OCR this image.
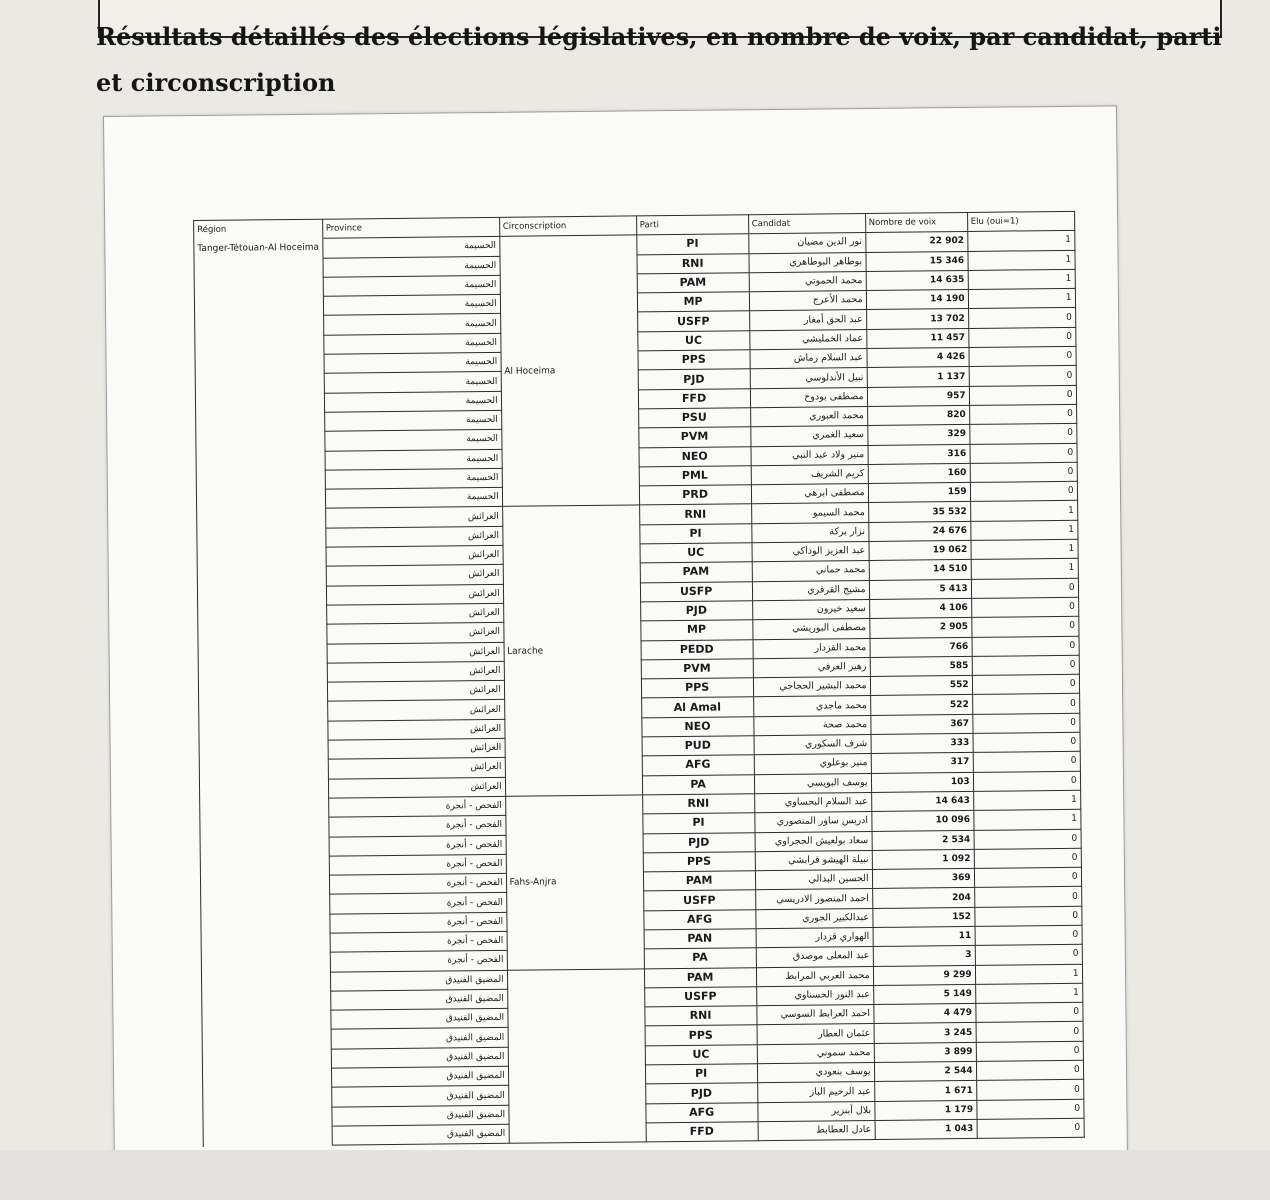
Résultats détaillés des élections législatives, en nombre de voix, par candidat, parti et circonscription
Région	Province	Circonscription	Parti	Candidat	Nombre de voix	Elu (oui=1)
Tanger-Tétouan-Al Hoceima	الحسيمة	Al Hoceima	PI	نور الدين مضيان	22 902	1
	الحسيمة		RNI	بوطاهر البوطاهري	15 346	1
	الحسيمة		PAM	محمد الحموتي	14 635	1
	الحسيمة		MP	محمد الأعرج	14 190	1
	الحسيمة		USFP	عبد الحق أمغار	13 702	0
	الحسيمة		UC	عماد الخمليشي	11 457	0
	الحسيمة		PPS	عبد السلام رماش	4 426	0
	الحسيمة		PJD	نبيل الأندلوسي	1 137	0
	الحسيمة		FFD	مصطفى بودوح	957	0
	الحسيمة		PSU	محمد العبوري	820	0
	الحسيمة		PVM	سعيد الغمري	329	0
	الحسيمة		NEO	منير ولاد عبد النبي	316	0
	الحسيمة		PML	كريم الشريف	160	0
	الحسيمة		PRD	مصطفى ابرهي	159	0
	العرائش	Larache	RNI	محمد السيمو	35 532	1
	العرائش		PI	نزار بركة	24 676	1
	العرائش		UC	عبد العزيز الوداكي	19 062	1
	العرائش		PAM	محمد حماني	14 510	1
	العرائش		USFP	مشيج القرقري	5 413	0
	العرائش		PJD	سعيد خيرون	4 106	0
	العرائش		MP	مصطفى البوريشي	2 905	0
	العرائش		PEDD	محمد القزدار	766	0
	العرائش		PVM	زهير العرفي	585	0
	العرائش		PPS	محمد البشير الحجاجي	552	0
	العرائش		Al Amal	محمد ماجدي	522	0
	العرائش		NEO	محمد صحة	367	0
	العرائش		PUD	شرف السكوري	333	0
	العرائش		AFG	منير بوعلوي	317	0
	العرائش		PA	يوسف البويسي	103	0
	الفحص - أنجرة	Fahs-Anjra	RNI	عبد السلام البحساوي	14 643	1
	الفحص - أنجرة		PI	ادريس ساور المنصوري	10 096	1
	الفحص - أنجرة		PJD	سعاد بولعيش الحجراوي	2 534	0
	الفحص - أنجرة		PPS	نبيلة الهيشو قرابشي	1 092	0
	الفحص - أنجرة		PAM	الحسين البدالي	369	0
	الفحص - أنجرة		USFP	احمد المنصور الادريسي	204	0
	الفحص - أنجرة		AFG	عبدالكبير الجوري	152	0
	الفحص - أنجرة		PAN	الهواري قزدار	11	0
	الفحص - أنجرة		PA	عبد المعلى موصدق	3	0
	المضيق الفنيدق		PAM	محمد العربي المرابط	9 299	1
	المضيق الفنيدق		USFP	عبد النور الحسناوي	5 149	1
	المضيق الفنيدق		RNI	احمد العرابط السوسي	4 479	0
	المضيق الفنيدق		PPS	عثمان العطار	3 245	0
	المضيق الفنيدق		UC	محمد سموني	3 899	0
	المضيق الفنيدق		PI	يوسف بنعودي	2 544	0
	المضيق الفنيدق		PJD	عبد الرحيم الباز	1 671	0
	المضيق الفنيدق		AFG	بلال أبنزير	1 179	0
	المضيق الفنيدق		FFD	عادل العطابط	1 043	0
